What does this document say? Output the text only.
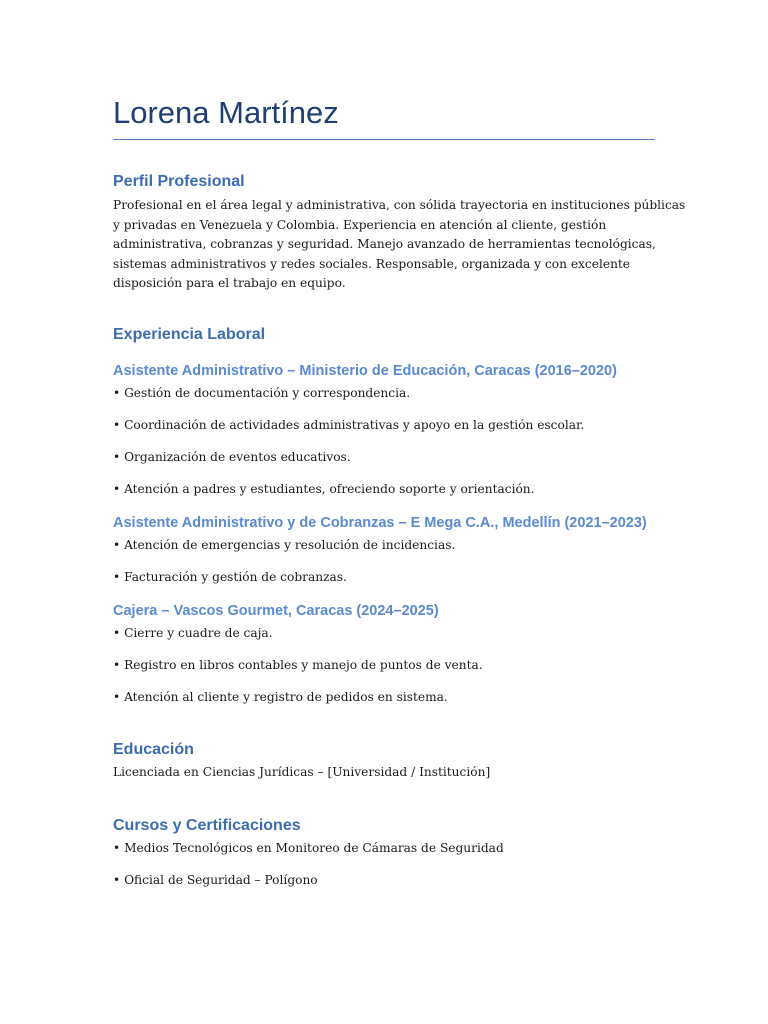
Lorena Martínez
Perfil Profesional
Profesional en el área legal y administrativa, con sólida trayectoria en instituciones públicas
y privadas en Venezuela y Colombia. Experiencia en atención al cliente, gestión
administrativa, cobranzas y seguridad. Manejo avanzado de herramientas tecnológicas,
sistemas administrativos y redes sociales. Responsable, organizada y con excelente
disposición para el trabajo en equipo.
Experiencia Laboral
Asistente Administrativo – Ministerio de Educación, Caracas (2016–2020)
• Gestión de documentación y correspondencia.
• Coordinación de actividades administrativas y apoyo en la gestión escolar.
• Organización de eventos educativos.
• Atención a padres y estudiantes, ofreciendo soporte y orientación.
Asistente Administrativo y de Cobranzas – E Mega C.A., Medellín (2021–2023)
• Atención de emergencias y resolución de incidencias.
• Facturación y gestión de cobranzas.
Cajera – Vascos Gourmet, Caracas (2024–2025)
• Cierre y cuadre de caja.
• Registro en libros contables y manejo de puntos de venta.
• Atención al cliente y registro de pedidos en sistema.
Educación
Licenciada en Ciencias Jurídicas – [Universidad / Institución]
Cursos y Certificaciones
• Medios Tecnológicos en Monitoreo de Cámaras de Seguridad
• Oficial de Seguridad – Polígono
